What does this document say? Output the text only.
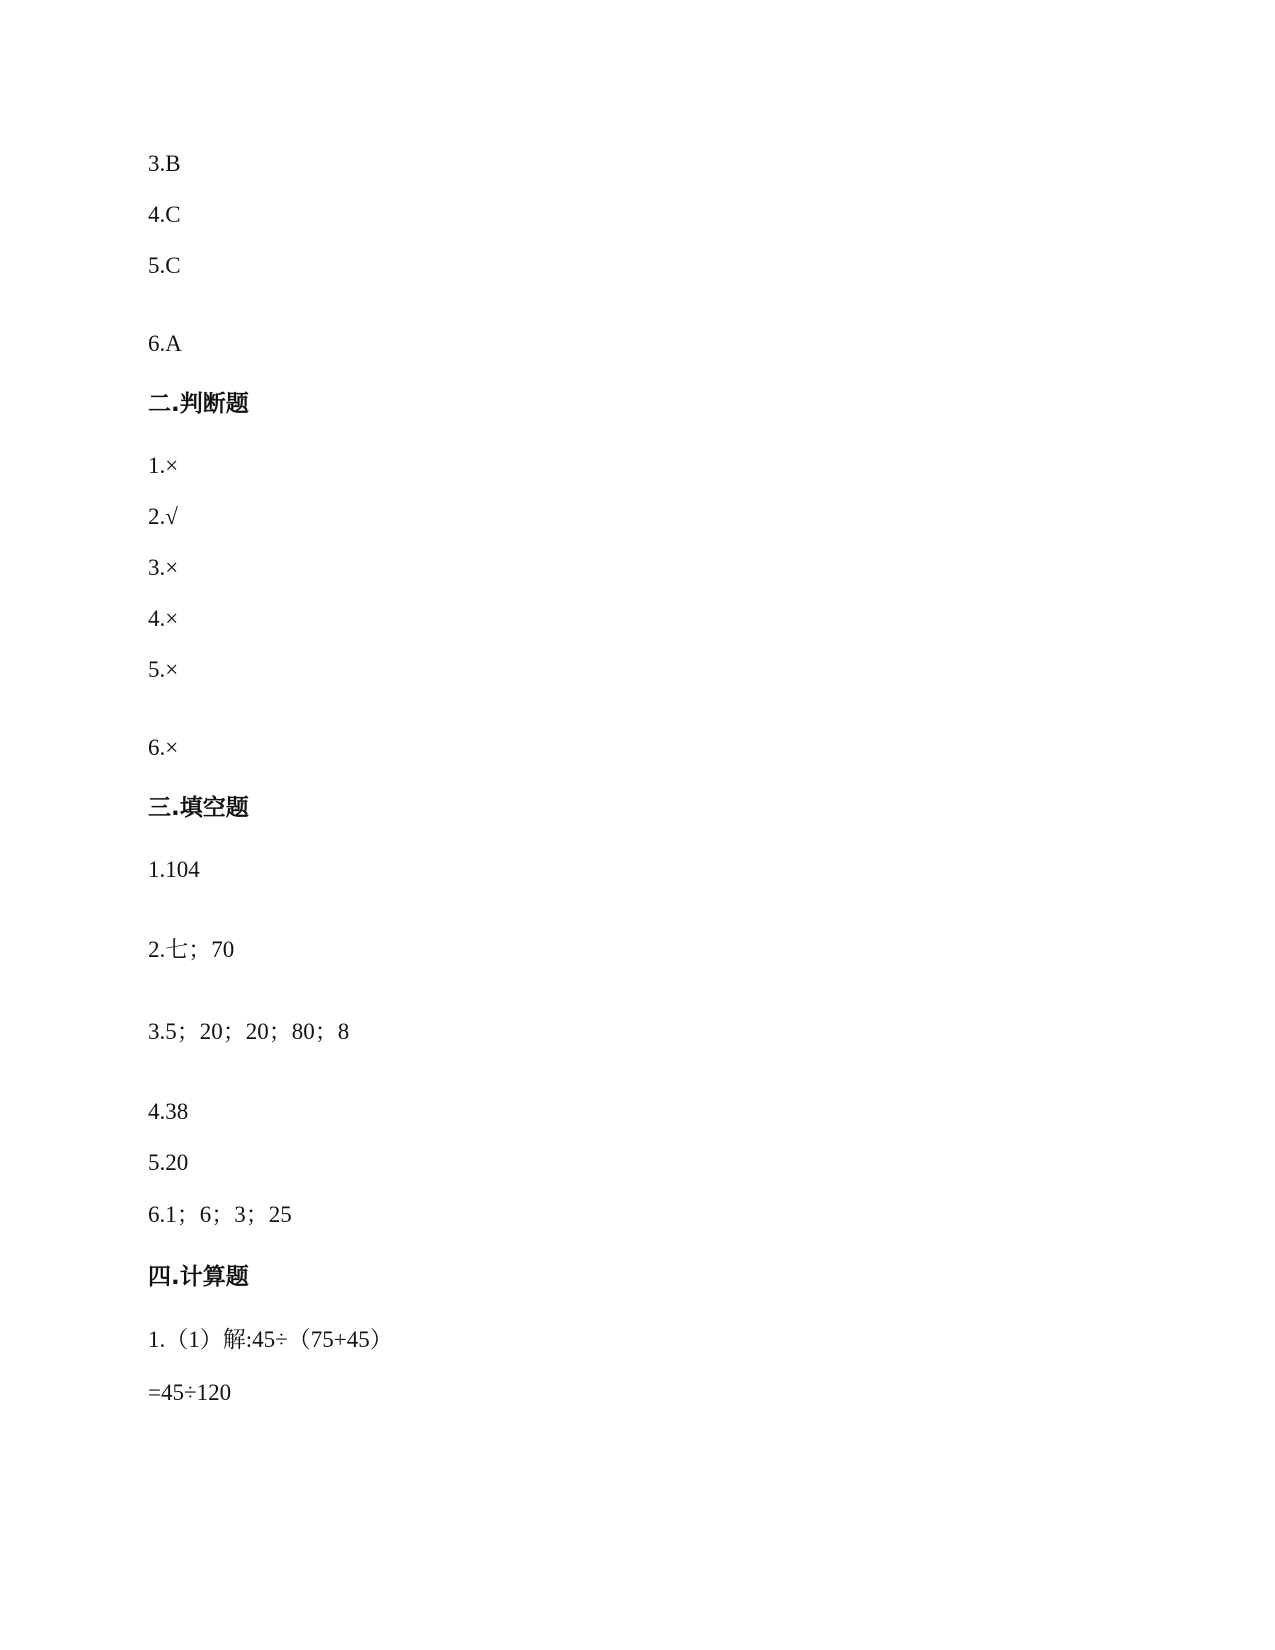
3.B
4.C
5.C
6.A
二.判断题
1.×
2.√
3.×
4.×
5.×
6.×
三.填空题
1.104
2.七；70
3.5；20；20；80；8
4.38
5.20
6.1；6；3；25
四.计算题
1.（1）解:45÷（75+45）
=45÷120
